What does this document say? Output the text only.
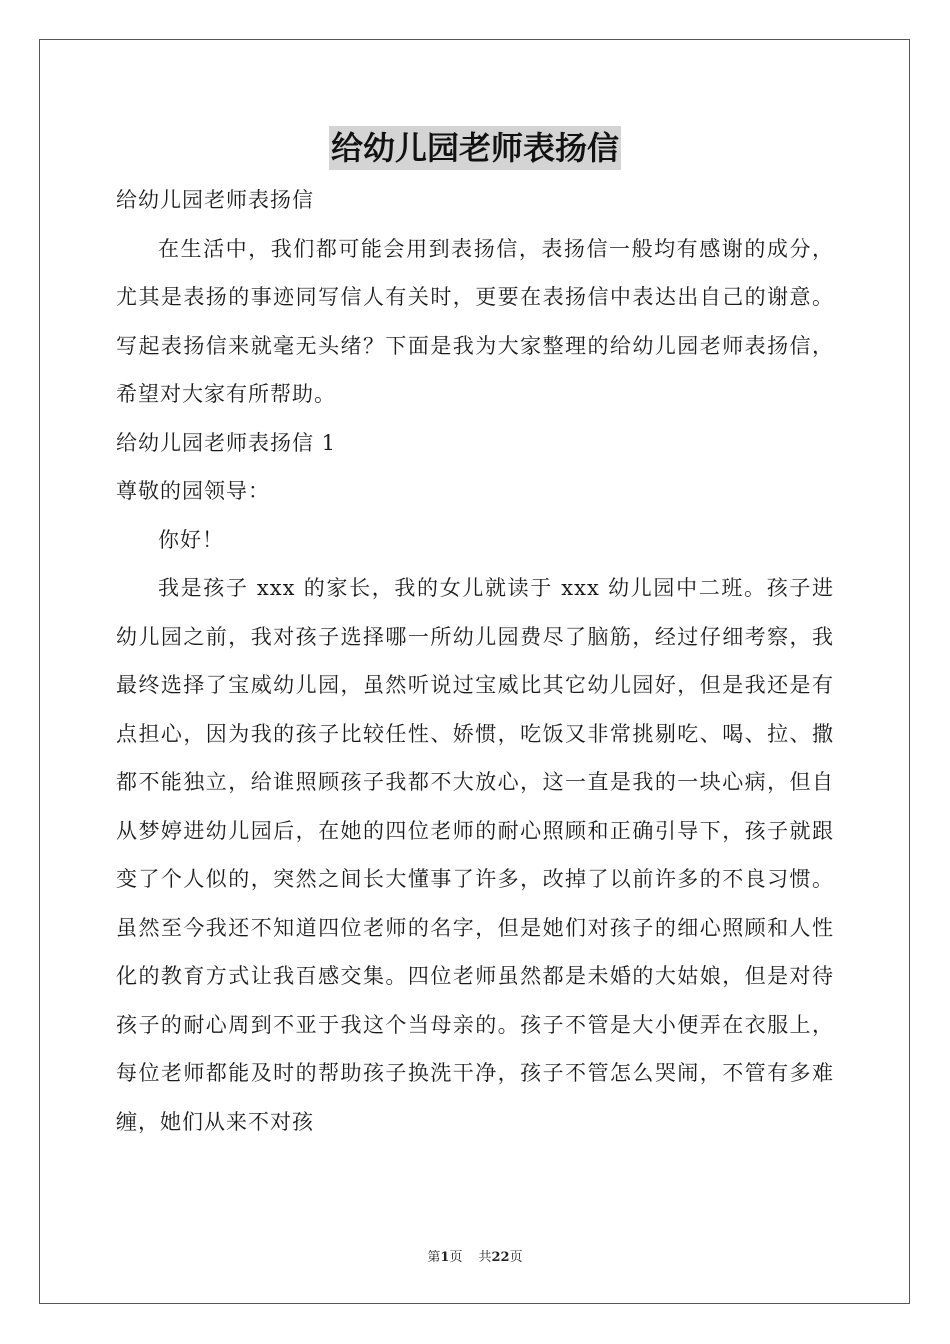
给幼儿园老师表扬信

给幼儿园老师表扬信

在生活中，我们都可能会用到表扬信，表扬信一般均有感谢的成分，尤其是表扬的事迹同写信人有关时，更要在表扬信中表达出自己的谢意。写起表扬信来就毫无头绪？下面是我为大家整理的给幼儿园老师表扬信，希望对大家有所帮助。

给幼儿园老师表扬信 1

尊敬的园领导：

你好！

我是孩子 xxx 的家长，我的女儿就读于 xxx 幼儿园中二班。孩子进幼儿园之前，我对孩子选择哪一所幼儿园费尽了脑筋，经过仔细考察，我最终选择了宝威幼儿园，虽然听说过宝威比其它幼儿园好，但是我还是有点担心，因为我的孩子比较任性、娇惯，吃饭又非常挑剔吃、喝、拉、撒都不能独立，给谁照顾孩子我都不大放心，这一直是我的一块心病，但自从梦婷进幼儿园后，在她的四位老师的耐心照顾和正确引导下，孩子就跟变了个人似的，突然之间长大懂事了许多，改掉了以前许多的不良习惯。虽然至今我还不知道四位老师的名字，但是她们对孩子的细心照顾和人性化的教育方式让我百感交集。四位老师虽然都是未婚的大姑娘，但是对待孩子的耐心周到不亚于我这个当母亲的。孩子不管是大小便弄在衣服上，每位老师都能及时的帮助孩子换洗干净，孩子不管怎么哭闹，不管有多难缠，她们从来不对孩

第1页 共22页
